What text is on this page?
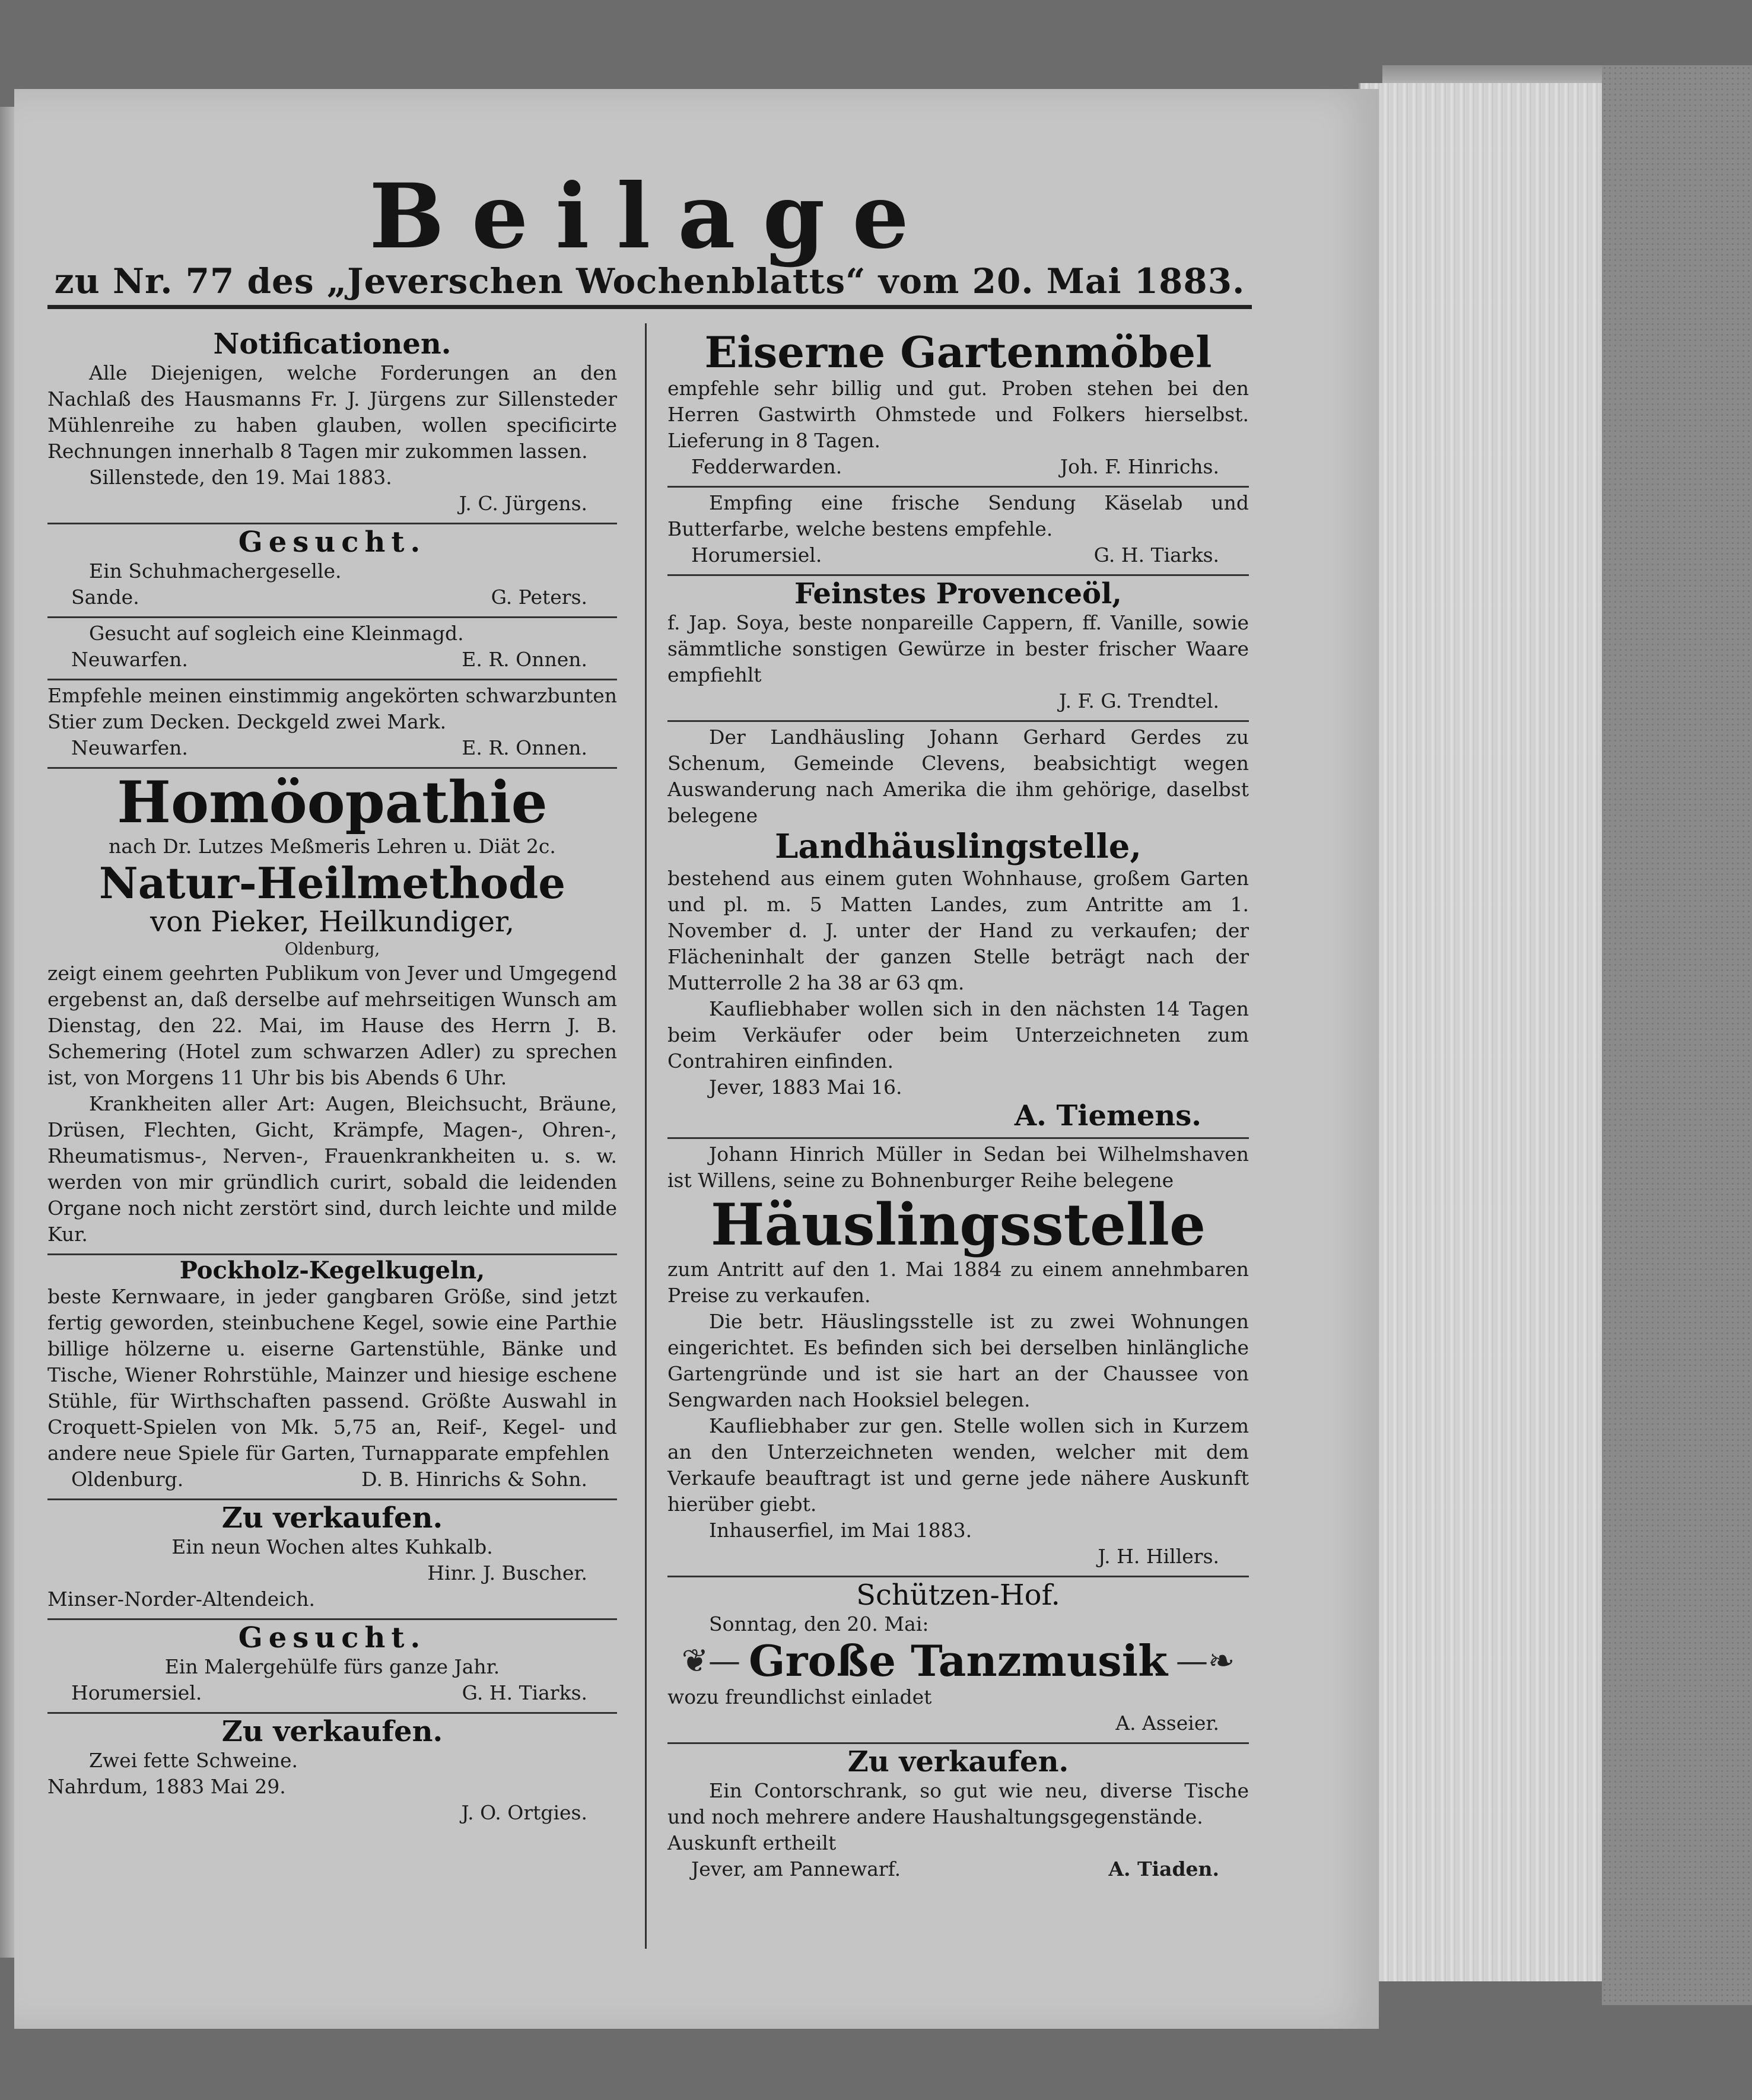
Beilage
zu Nr. 77 des „Jeverschen Wochenblatts“ vom 20. Mai 1883.
Notificationen.
Alle Diejenigen, welche Forderungen an den Nachlaß des Hausmanns Fr. J. Jürgens zur Sillensteder Mühlenreihe zu haben glauben, wollen specificirte Rechnungen innerhalb 8 Tagen mir zukommen lassen.
Sillenstede, den 19. Mai 1883.
J. C. Jürgens.
Gesucht.
Ein Schuhmachergeselle.
Sande.	G. Peters.
Gesucht auf sogleich eine Kleinmagd.
Neuwarfen.	E. R. Onnen.
Empfehle meinen einstimmig angekörten schwarzbunten Stier zum Decken. Deckgeld zwei Mark.
Neuwarfen.	E. R. Onnen.
Homöopathie
nach Dr. Lutzes Meßmeris Lehren u. Diät 2c.
Natur-Heilmethode
von Pieker, Heilkundiger,
Oldenburg,
zeigt einem geehrten Publikum von Jever und Umgegend ergebenst an, daß derselbe auf mehrseitigen Wunsch am Dienstag, den 22. Mai, im Hause des Herrn J. B. Schemering (Hotel zum schwarzen Adler) zu sprechen ist, von Morgens 11 Uhr bis bis Abends 6 Uhr.
Krankheiten aller Art: Augen, Bleichsucht, Bräune, Drüsen, Flechten, Gicht, Krämpfe, Magen-, Ohren-, Rheumatismus-, Nerven-, Frauenkrankheiten u. s. w. werden von mir gründlich curirt, sobald die leidenden Organe noch nicht zerstört sind, durch leichte und milde Kur.
Pockholz-Kegelkugeln,
beste Kernwaare, in jeder gangbaren Größe, sind jetzt fertig geworden, steinbuchene Kegel, sowie eine Parthie billige hölzerne u. eiserne Gartenstühle, Bänke und Tische, Wiener Rohrstühle, Mainzer und hiesige eschene Stühle, für Wirthschaften passend. Größte Auswahl in Croquett-Spielen von Mk. 5,75 an, Reif-, Kegel- und andere neue Spiele für Garten, Turnapparate empfehlen
Oldenburg.	D. B. Hinrichs & Sohn.
Zu verkaufen.
Ein neun Wochen altes Kuhkalb.
Hinr. J. Buscher.
Minser-Norder-Altendeich.
Gesucht.
Ein Malergehülfe fürs ganze Jahr.
Horumersiel.	G. H. Tiarks.
Zu verkaufen.
Zwei fette Schweine.
Nahrdum, 1883 Mai 29.
J. O. Ortgies.
Eiserne Gartenmöbel
empfehle sehr billig und gut. Proben stehen bei den Herren Gastwirth Ohmstede und Folkers hierselbst. Lieferung in 8 Tagen.
Fedderwarden.	Joh. F. Hinrichs.
Empfing eine frische Sendung Käselab und Butterfarbe, welche bestens empfehle.
Horumersiel.	G. H. Tiarks.
Feinstes Provenceöl,
f. Jap. Soya, beste nonpareille Cappern, ff. Vanille, sowie sämmtliche sonstigen Gewürze in bester frischer Waare empfiehlt
J. F. G. Trendtel.
Der Landhäusling Johann Gerhard Gerdes zu Schenum, Gemeinde Clevens, beabsichtigt wegen Auswanderung nach Amerika die ihm gehörige, daselbst belegene
Landhäuslingstelle,
bestehend aus einem guten Wohnhause, großem Garten und pl. m. 5 Matten Landes, zum Antritte am 1. November d. J. unter der Hand zu verkaufen; der Flächeninhalt der ganzen Stelle beträgt nach der Mutterrolle 2 ha 38 ar 63 qm.
Kaufliebhaber wollen sich in den nächsten 14 Tagen beim Verkäufer oder beim Unterzeichneten zum Contrahiren einfinden.
Jever, 1883 Mai 16.
A. Tiemens.
Johann Hinrich Müller in Sedan bei Wilhelmshaven ist Willens, seine zu Bohnenburger Reihe belegene
Häuslingsstelle
zum Antritt auf den 1. Mai 1884 zu einem annehmbaren Preise zu verkaufen.
Die betr. Häuslingsstelle ist zu zwei Wohnungen eingerichtet. Es befinden sich bei derselben hinlängliche Gartengründe und ist sie hart an der Chaussee von Sengwarden nach Hooksiel belegen.
Kaufliebhaber zur gen. Stelle wollen sich in Kurzem an den Unterzeichneten wenden, welcher mit dem Verkaufe beauftragt ist und gerne jede nähere Auskunft hierüber giebt.
Inhauserfiel, im Mai 1883.
J. H. Hillers.
Schützen-Hof.
Sonntag, den 20. Mai:
❦— Große Tanzmusik —❧
wozu freundlichst einladet
A. Asseier.
Zu verkaufen.
Ein Contorschrank, so gut wie neu, diverse Tische und noch mehrere andere Haushaltungsgegenstände.
Auskunft ertheilt
Jever, am Pannewarf.	A. Tiaden.
